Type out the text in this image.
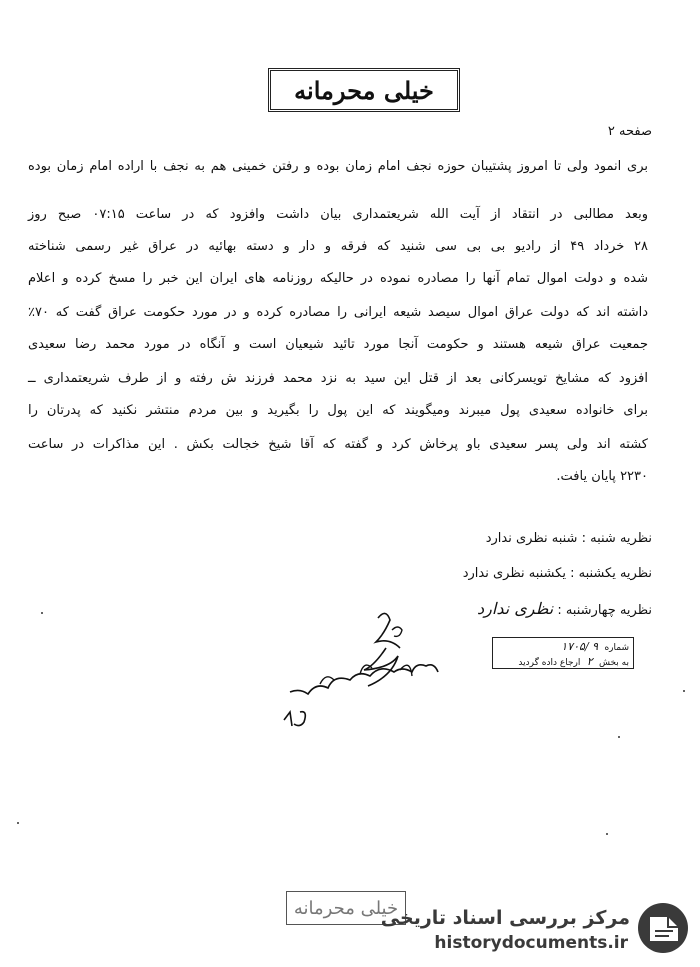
خیلی محرمانه
صفحه ۲
بری انمود ولی تا امروز پشتیبان حوزه نجف امام زمان بوده و رفتن خمینی هم به نجف با اراده امام زمان بوده
وبعد مطالبی در انتقاد از آیت الله شریعتمداری بیان داشت وافزود که در ساعت ۰۷:۱۵ صبح روز
۲۸ خرداد ۴۹ از رادیو بی بی سی شنید که فرقه و دار و دسته بهائیه در عراق غیر رسمی شناخته
شده و دولت اموال تمام آنها را مصادره نموده در حالیکه روزنامه های ایران این خبر را مسخ کرده و اعلام
داشته اند که دولت عراق اموال سیصد شیعه ایرانی را مصادره کرده و در مورد حکومت عراق گفت که ۷۰٪
جمعیت عراق شیعه هستند و حکومت آنجا مورد تائید شیعیان است و آنگاه در مورد محمد رضا سعیدی
افزود که مشایخ تویسرکانی بعد از قتل این سید به نزد محمد فرزند ش رفته و از طرف شریعتمداری ــ
برای خانواده سعیدی پول میبرند ومیگویند که این پول را بگیرید و بین مردم منتشر نکنید که پدرتان را
کشته اند ولی پسر سعیدی باو پرخاش کرد و گفته که آقا شیخ خجالت بکش . این مذاکرات در ساعت
۲۲۳۰ پایان یافت.
نظریه شنبه : شنبه نظری ندارد
نظریه یکشنبه : یکشنبه نظری ندارد
نظریه چهارشنبه : نظری ندارد
شماره ‎ ۱۷۰۵/ ۹ ‎
به بخش ‎ ۲ ‎ ارجاع داده گردید
خیلی محرمانه
مرکز بررسی اسناد تاریخی
historydocuments.ir
